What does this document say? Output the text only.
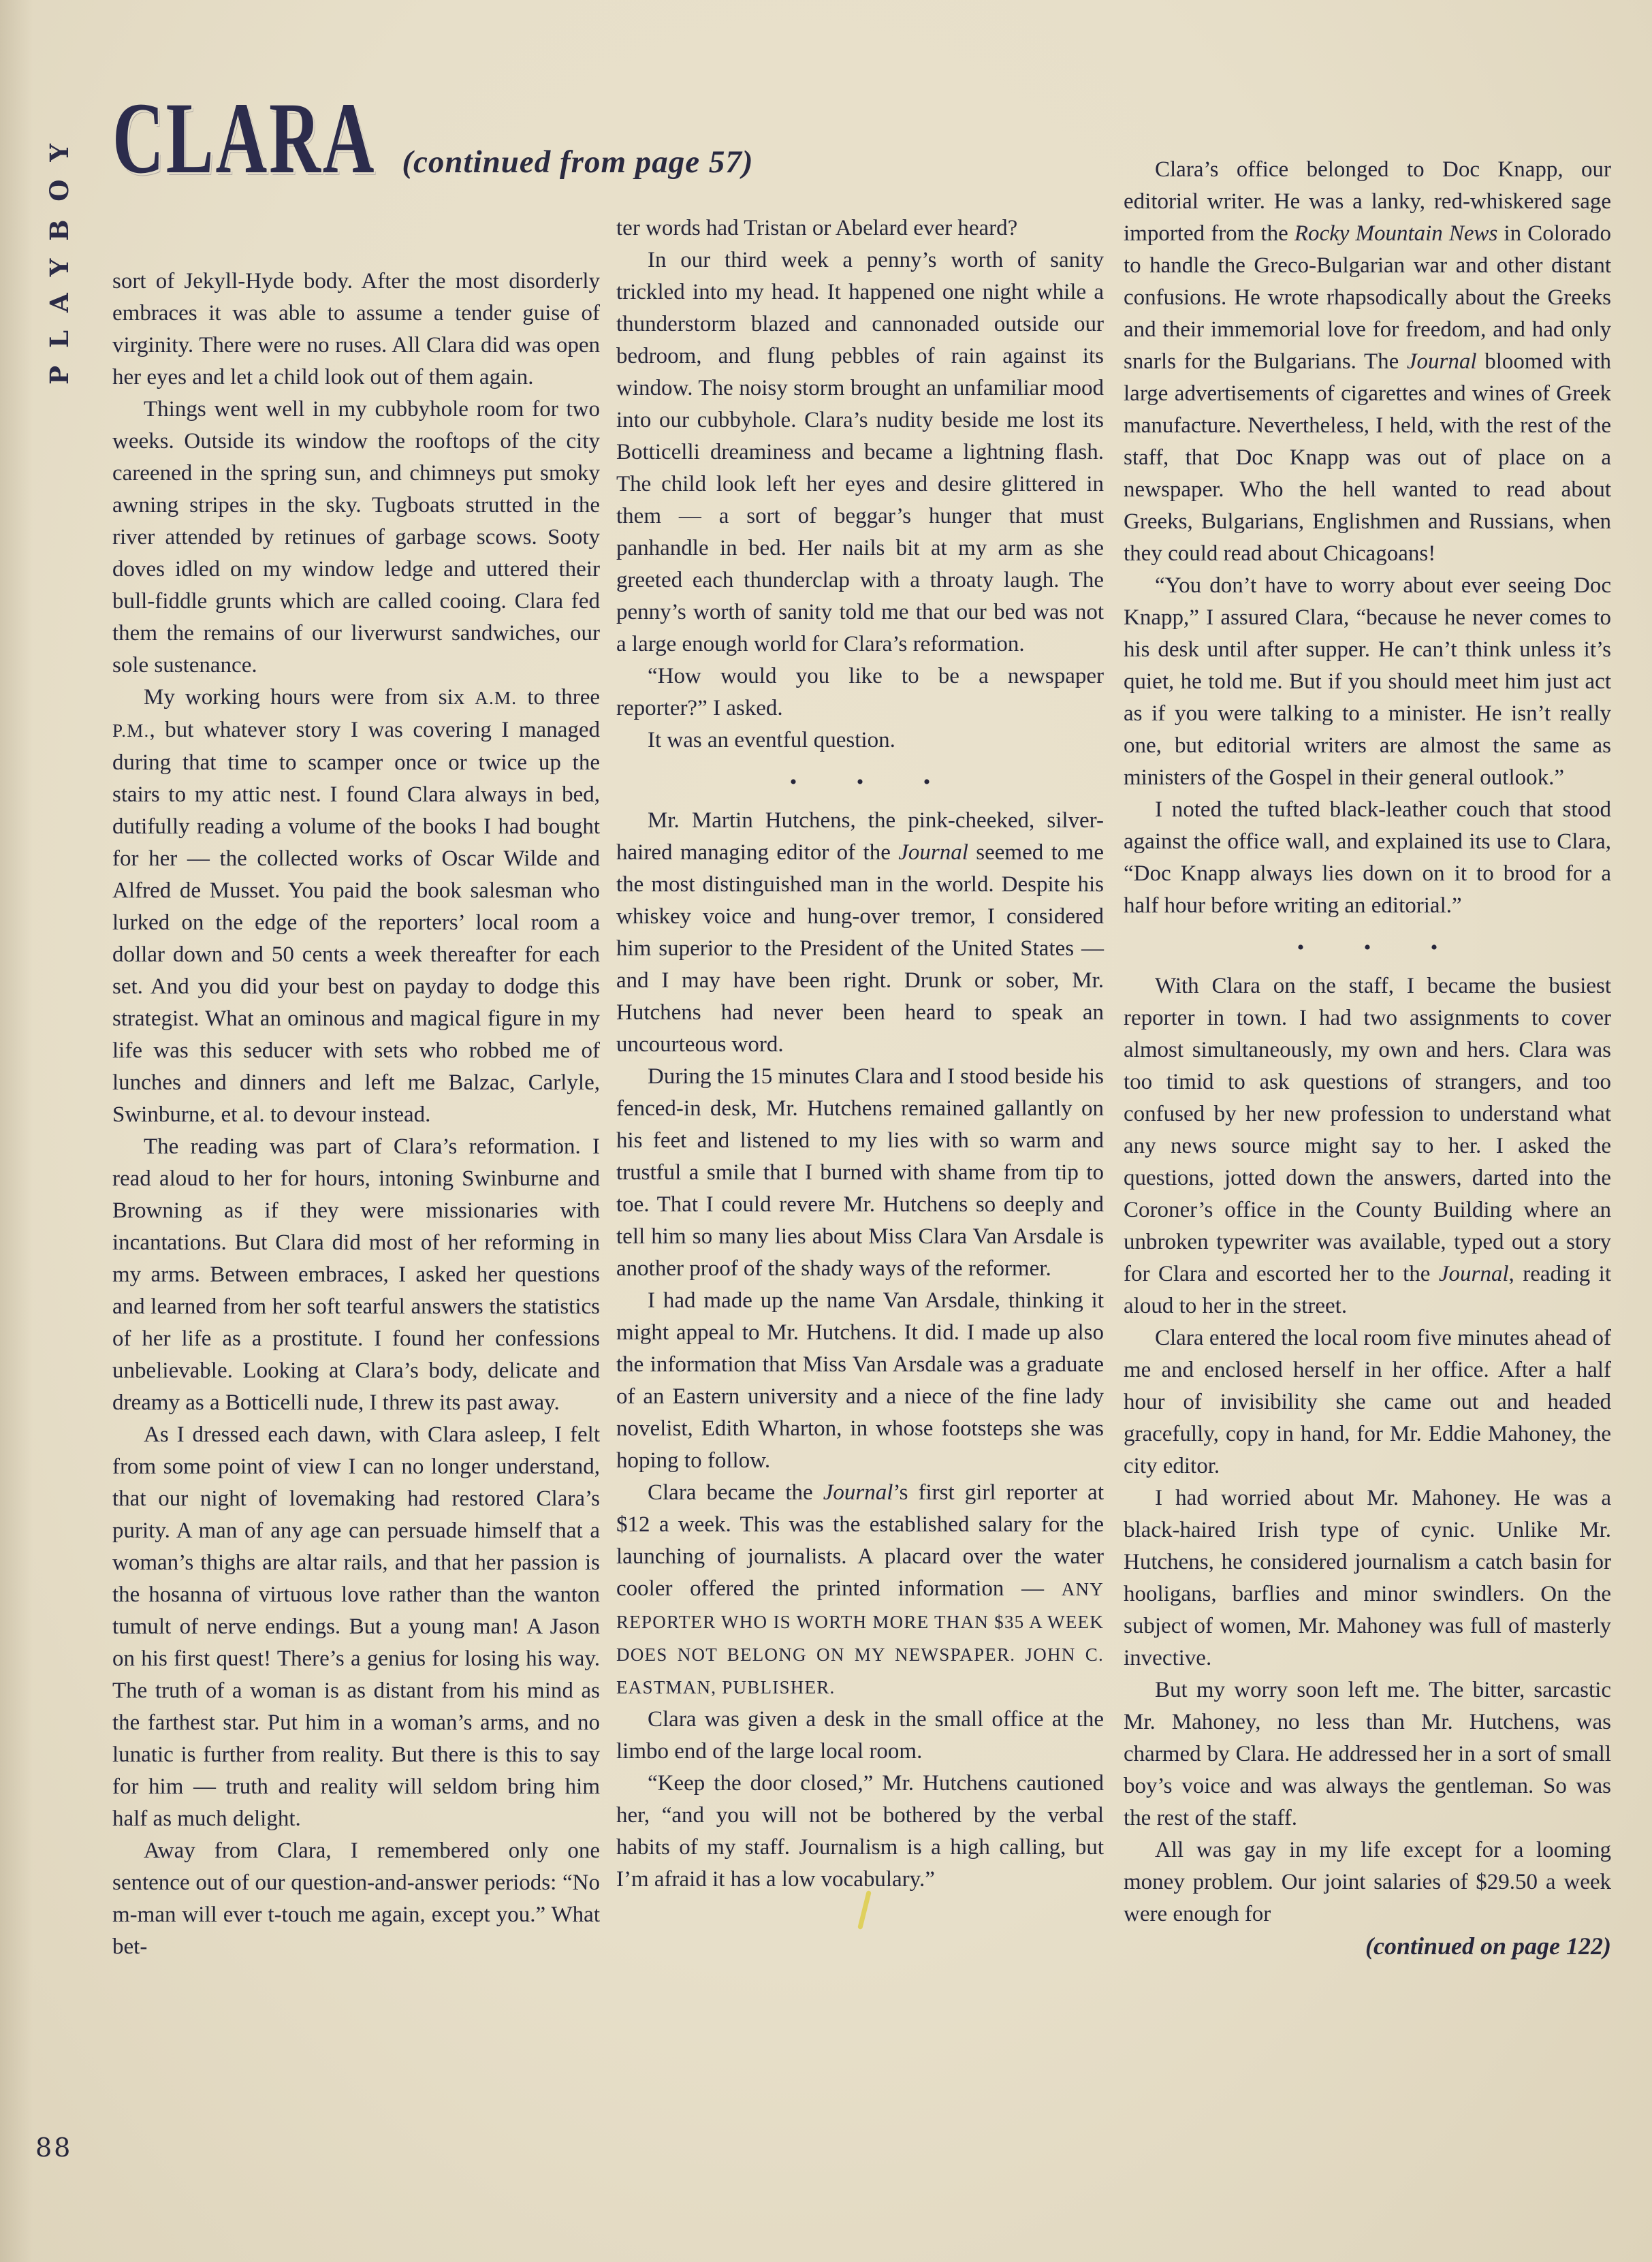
PLAYBOY CLARA (continued from page 57)

sort of Jekyll-Hyde body. After the most disorderly embraces it was able to assume a tender guise of virginity. There were no ruses. All Clara did was open her eyes and let a child look out of them again.

Things went well in my cubbyhole room for two weeks. Outside its window the rooftops of the city careened in the spring sun, and chimneys put smoky awning stripes in the sky. Tugboats strutted in the river attended by retinues of garbage scows. Sooty doves idled on my window ledge and uttered their bull-fiddle grunts which are called cooing. Clara fed them the remains of our liverwurst sandwiches, our sole sustenance.

My working hours were from six A.M. to three P.M., but whatever story I was covering I managed during that time to scamper once or twice up the stairs to my attic nest. I found Clara always in bed, dutifully reading a volume of the books I had bought for her — the collected works of Oscar Wilde and Alfred de Musset. You paid the book salesman who lurked on the edge of the reporters’ local room a dollar down and 50 cents a week thereafter for each set. And you did your best on payday to dodge this strategist. What an ominous and magical figure in my life was this seducer with sets who robbed me of lunches and dinners and left me Balzac, Carlyle, Swinburne, et al. to devour instead.

The reading was part of Clara’s reformation. I read aloud to her for hours, intoning Swinburne and Browning as if they were missionaries with incantations. But Clara did most of her reforming in my arms. Between embraces, I asked her questions and learned from her soft tearful answers the statistics of her life as a prostitute. I found her confessions unbelievable. Looking at Clara’s body, delicate and dreamy as a Botticelli nude, I threw its past away.

As I dressed each dawn, with Clara asleep, I felt from some point of view I can no longer understand, that our night of lovemaking had restored Clara’s purity. A man of any age can persuade himself that a woman’s thighs are altar rails, and that her passion is the hosanna of virtuous love rather than the wanton tumult of nerve endings. But a young man! A Jason on his first quest! There’s a genius for losing his way. The truth of a woman is as distant from his mind as the farthest star. Put him in a woman’s arms, and no lunatic is further from reality. But there is this to say for him — truth and reality will seldom bring him half as much delight.

Away from Clara, I remembered only one sentence out of our question-and-answer periods: “No m-man will ever t-touch me again, except you.” What bet-

ter words had Tristan or Abelard ever heard?

In our third week a penny’s worth of sanity trickled into my head. It happened one night while a thunderstorm blazed and cannonaded outside our bedroom, and flung pebbles of rain against its window. The noisy storm brought an unfamiliar mood into our cubbyhole. Clara’s nudity beside me lost its Botticelli dreaminess and became a lightning flash. The child look left her eyes and desire glittered in them — a sort of beggar’s hunger that must panhandle in bed. Her nails bit at my arm as she greeted each thunderclap with a throaty laugh. The penny’s worth of sanity told me that our bed was not a large enough world for Clara’s reformation.

“How would you like to be a newspaper reporter?” I asked.

It was an eventful question.

• • •

Mr. Martin Hutchens, the pink-cheeked, silver-haired managing editor of the Journal seemed to me the most distinguished man in the world. Despite his whiskey voice and hung-over tremor, I considered him superior to the President of the United States — and I may have been right. Drunk or sober, Mr. Hutchens had never been heard to speak an uncourteous word.

During the 15 minutes Clara and I stood beside his fenced-in desk, Mr. Hutchens remained gallantly on his feet and listened to my lies with so warm and trustful a smile that I burned with shame from tip to toe. That I could revere Mr. Hutchens so deeply and tell him so many lies about Miss Clara Van Arsdale is another proof of the shady ways of the reformer.

I had made up the name Van Arsdale, thinking it might appeal to Mr. Hutchens. It did. I made up also the information that Miss Van Arsdale was a graduate of an Eastern university and a niece of the fine lady novelist, Edith Wharton, in whose footsteps she was hoping to follow.

Clara became the Journal’s first girl reporter at $12 a week. This was the established salary for the launching of journalists. A placard over the water cooler offered the printed information — ANY REPORTER WHO IS WORTH MORE THAN $35 A WEEK DOES NOT BELONG ON MY NEWSPAPER. JOHN C. EASTMAN, PUBLISHER.

Clara was given a desk in the small office at the limbo end of the large local room.

“Keep the door closed,” Mr. Hutchens cautioned her, “and you will not be bothered by the verbal habits of my staff. Journalism is a high calling, but I’m afraid it has a low vocabulary.”

Clara’s office belonged to Doc Knapp, our editorial writer. He was a lanky, red-whiskered sage imported from the Rocky Mountain News in Colorado to handle the Greco-Bulgarian war and other distant confusions. He wrote rhapsodically about the Greeks and their immemorial love for freedom, and had only snarls for the Bulgarians. The Journal bloomed with large advertisements of cigarettes and wines of Greek manufacture. Nevertheless, I held, with the rest of the staff, that Doc Knapp was out of place on a newspaper. Who the hell wanted to read about Greeks, Bulgarians, Englishmen and Russians, when they could read about Chicagoans!

“You don’t have to worry about ever seeing Doc Knapp,” I assured Clara, “because he never comes to his desk until after supper. He can’t think unless it’s quiet, he told me. But if you should meet him just act as if you were talking to a minister. He isn’t really one, but editorial writers are almost the same as ministers of the Gospel in their general outlook.”

I noted the tufted black-leather couch that stood against the office wall, and explained its use to Clara, “Doc Knapp always lies down on it to brood for a half hour before writing an editorial.”

• • •

With Clara on the staff, I became the busiest reporter in town. I had two assignments to cover almost simultaneously, my own and hers. Clara was too timid to ask questions of strangers, and too confused by her new profession to understand what any news source might say to her. I asked the questions, jotted down the answers, darted into the Coroner’s office in the County Building where an unbroken typewriter was available, typed out a story for Clara and escorted her to the Journal, reading it aloud to her in the street.

Clara entered the local room five minutes ahead of me and enclosed herself in her office. After a half hour of invisibility she came out and headed gracefully, copy in hand, for Mr. Eddie Mahoney, the city editor.

I had worried about Mr. Mahoney. He was a black-haired Irish type of cynic. Unlike Mr. Hutchens, he considered journalism a catch basin for hooligans, barflies and minor swindlers. On the subject of women, Mr. Mahoney was full of masterly invective.

But my worry soon left me. The bitter, sarcastic Mr. Mahoney, no less than Mr. Hutchens, was charmed by Clara. He addressed her in a sort of small boy’s voice and was always the gentleman. So was the rest of the staff.

All was gay in my life except for a looming money problem. Our joint salaries of $29.50 a week were enough for

(continued on page 122)

88
